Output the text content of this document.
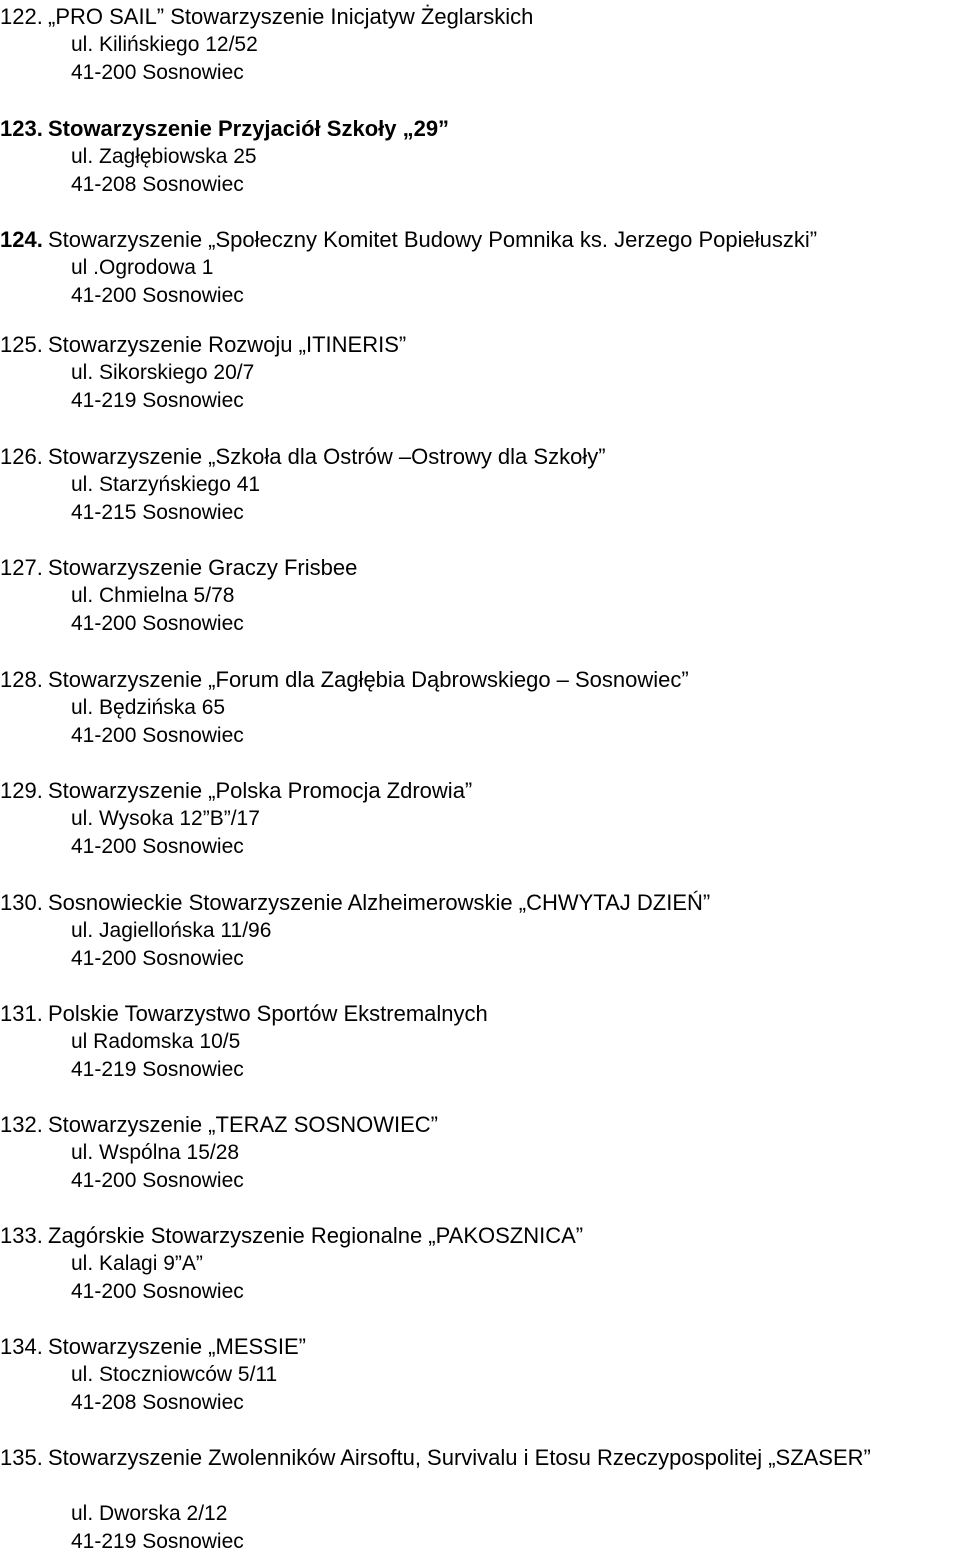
122. „PRO SAIL” Stowarzyszenie Inicjatyw Żeglarskich
ul. Kilińskiego 12/52
41-200 Sosnowiec
123. Stowarzyszenie Przyjaciół Szkoły „29”
ul. Zagłębiowska 25
41-208 Sosnowiec
124. Stowarzyszenie „Społeczny Komitet Budowy Pomnika ks. Jerzego Popiełuszki”
ul .Ogrodowa 1
41-200 Sosnowiec
125. Stowarzyszenie Rozwoju „ITINERIS”
ul. Sikorskiego 20/7
41-219 Sosnowiec
126. Stowarzyszenie „Szkoła dla Ostrów –Ostrowy dla Szkoły”
ul. Starzyńskiego 41
41-215 Sosnowiec
127. Stowarzyszenie Graczy Frisbee
ul. Chmielna 5/78
41-200 Sosnowiec
128. Stowarzyszenie „Forum dla Zagłębia Dąbrowskiego – Sosnowiec”
ul. Będzińska 65
41-200 Sosnowiec
129. Stowarzyszenie „Polska Promocja Zdrowia”
ul. Wysoka 12”B”/17
41-200 Sosnowiec
130. Sosnowieckie Stowarzyszenie Alzheimerowskie „CHWYTAJ DZIEŃ”
ul. Jagiellońska 11/96
41-200 Sosnowiec
131. Polskie Towarzystwo Sportów Ekstremalnych
ul Radomska 10/5
41-219 Sosnowiec
132. Stowarzyszenie „TERAZ SOSNOWIEC”
ul. Wspólna 15/28
41-200 Sosnowiec
133. Zagórskie Stowarzyszenie Regionalne „PAKOSZNICA”
ul. Kalagi 9”A”
41-200 Sosnowiec
134. Stowarzyszenie „MESSIE”
ul. Stoczniowców 5/11
41-208 Sosnowiec
135. Stowarzyszenie Zwolenników Airsoftu, Survivalu i Etosu Rzeczypospolitej „SZASER”
ul. Dworska 2/12
41-219 Sosnowiec
